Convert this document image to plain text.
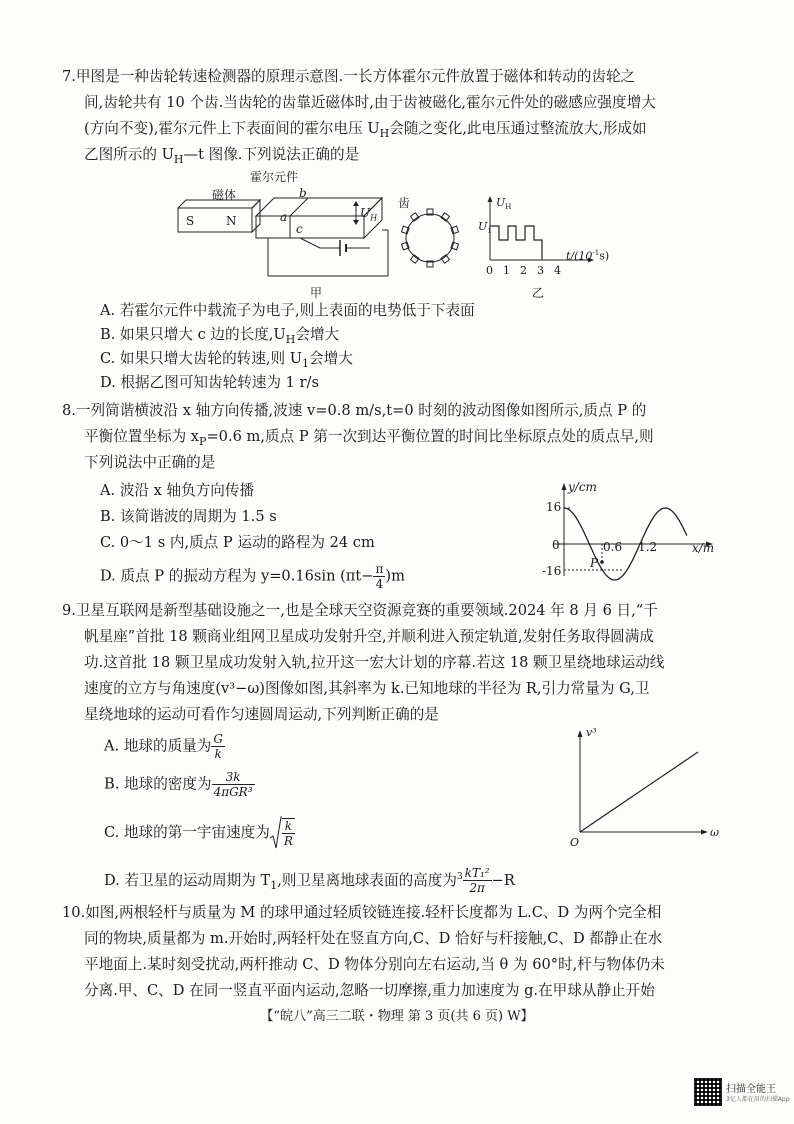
7.甲图是一种齿轮转速检测器的原理示意图.一长方体霍尔元件放置于磁体和转动的齿轮之
间,齿轮共有 10 个齿.当齿轮的齿靠近磁体时,由于齿被磁化,霍尔元件处的磁感应强度增大
(方向不变),霍尔元件上下表面间的霍尔电压 $U_H$会随之变化,此电压通过整流放大,形成如
乙图所示的 $U_H—t$ 图像.下列说法正确的是
霍尔元件
磁体
S	N
b
a
c
$U_H$
甲
齿	$U_H$
$U_1$
$t/(10^{-1}s)$
0 1 2 3 4
乙
A. 若霍尔元件中载流子为电子,则上表面的电势低于下表面
B. 如果只增大 c 边的长度$,U_H$会增大
C. 如果只增大齿轮的转速,则 $U_1$会增大
D. 根据乙图可知齿轮转速为 1 r/s
8.一列简谐横波沿 x 轴方向传播,波速 v=0.8 m/s,t=0 时刻的波动图像如图所示,质点 P 的
平衡位置坐标为 $x_P=0.6$ m,质点 P 第一次到达平衡位置的时间比坐标原点处的质点早,则
下列说法中正确的是
A. 波沿 x 轴负方向传播
B. 该简谐波的周期为 1.5 s
C. 0～1 s 内,质点 P 运动的路程为 24 cm
D. 质点 P 的振动方程为 y=0.16sin $(\pi t- \frac{\pi}{4} )m$
y/cm
16
0
-16
0.6 1.2	x/m
P
9.卫星互联网是新型基础设施之一,也是全球天空资源竞赛的重要领域.2024 年 8 月 6 日,“千
帆星座”首批 18 颗商业组网卫星成功发射升空,并顺利进入预定轨道,发射任务取得圆满成
功.这首批 18 颗卫星成功发射入轨,拉开这一宏大计划的序幕.若这 18 颗卫星绕地球运动线
速度的立方与角速度(v³−ω)图像如图,其斜率为 k.已知地球的半径为 R,引力常量为 G,卫
星绕地球的运动可看作匀速圆周运动,下列判断正确的是
A. 地球的质量为 $\frac{G}{k}$
B. 地球的密度为 $\frac{3k}{\text{4πGR³}}$
C. 地球的第一宇宙速度为 $\frac{k}{R}$
D. 若卫星的运动周期为 $T_1$,则卫星离地球表面的高度为$^3 \frac{\text{kT₁²}}{2\pi} -R$
v³
ω
O
10.如图,两根轻杆与质量为 M 的球甲通过轻质铰链连接.轻杆长度都为 L.C、D 为两个完全相
同的物块,质量都为 m.开始时,两轻杆处在竖直方向,C、D 恰好与杆接触,C、D 都静止在水
平地面上.某时刻受扰动,两杆推动 C、D 物体分别向左右运动,当 θ 为 60°时,杆与物体仍未
分离.甲、C、D 在同一竖直平面内运动,忽略一切摩擦,重力加速度为 g.在甲球从静止开始
【“皖八”高三二联・物理 第 3 页(共 6 页) W】
扫描全能王
3亿人都在用的扫描App
